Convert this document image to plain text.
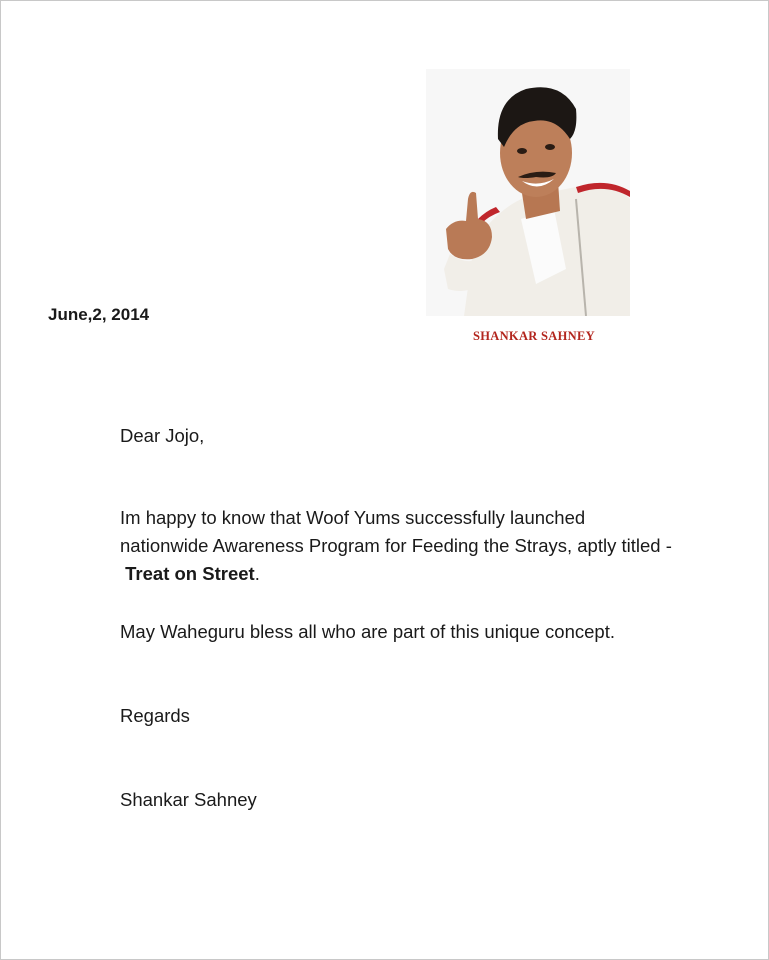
SHANKAR SAHNEY
June,2, 2014
Dear Jojo,
Im happy to know that Woof Yums successfully launched
nationwide Awareness Program for Feeding the Strays, aptly titled -
Treat on Street.
May Waheguru bless all who are part of this unique concept.
Regards
Shankar Sahney
